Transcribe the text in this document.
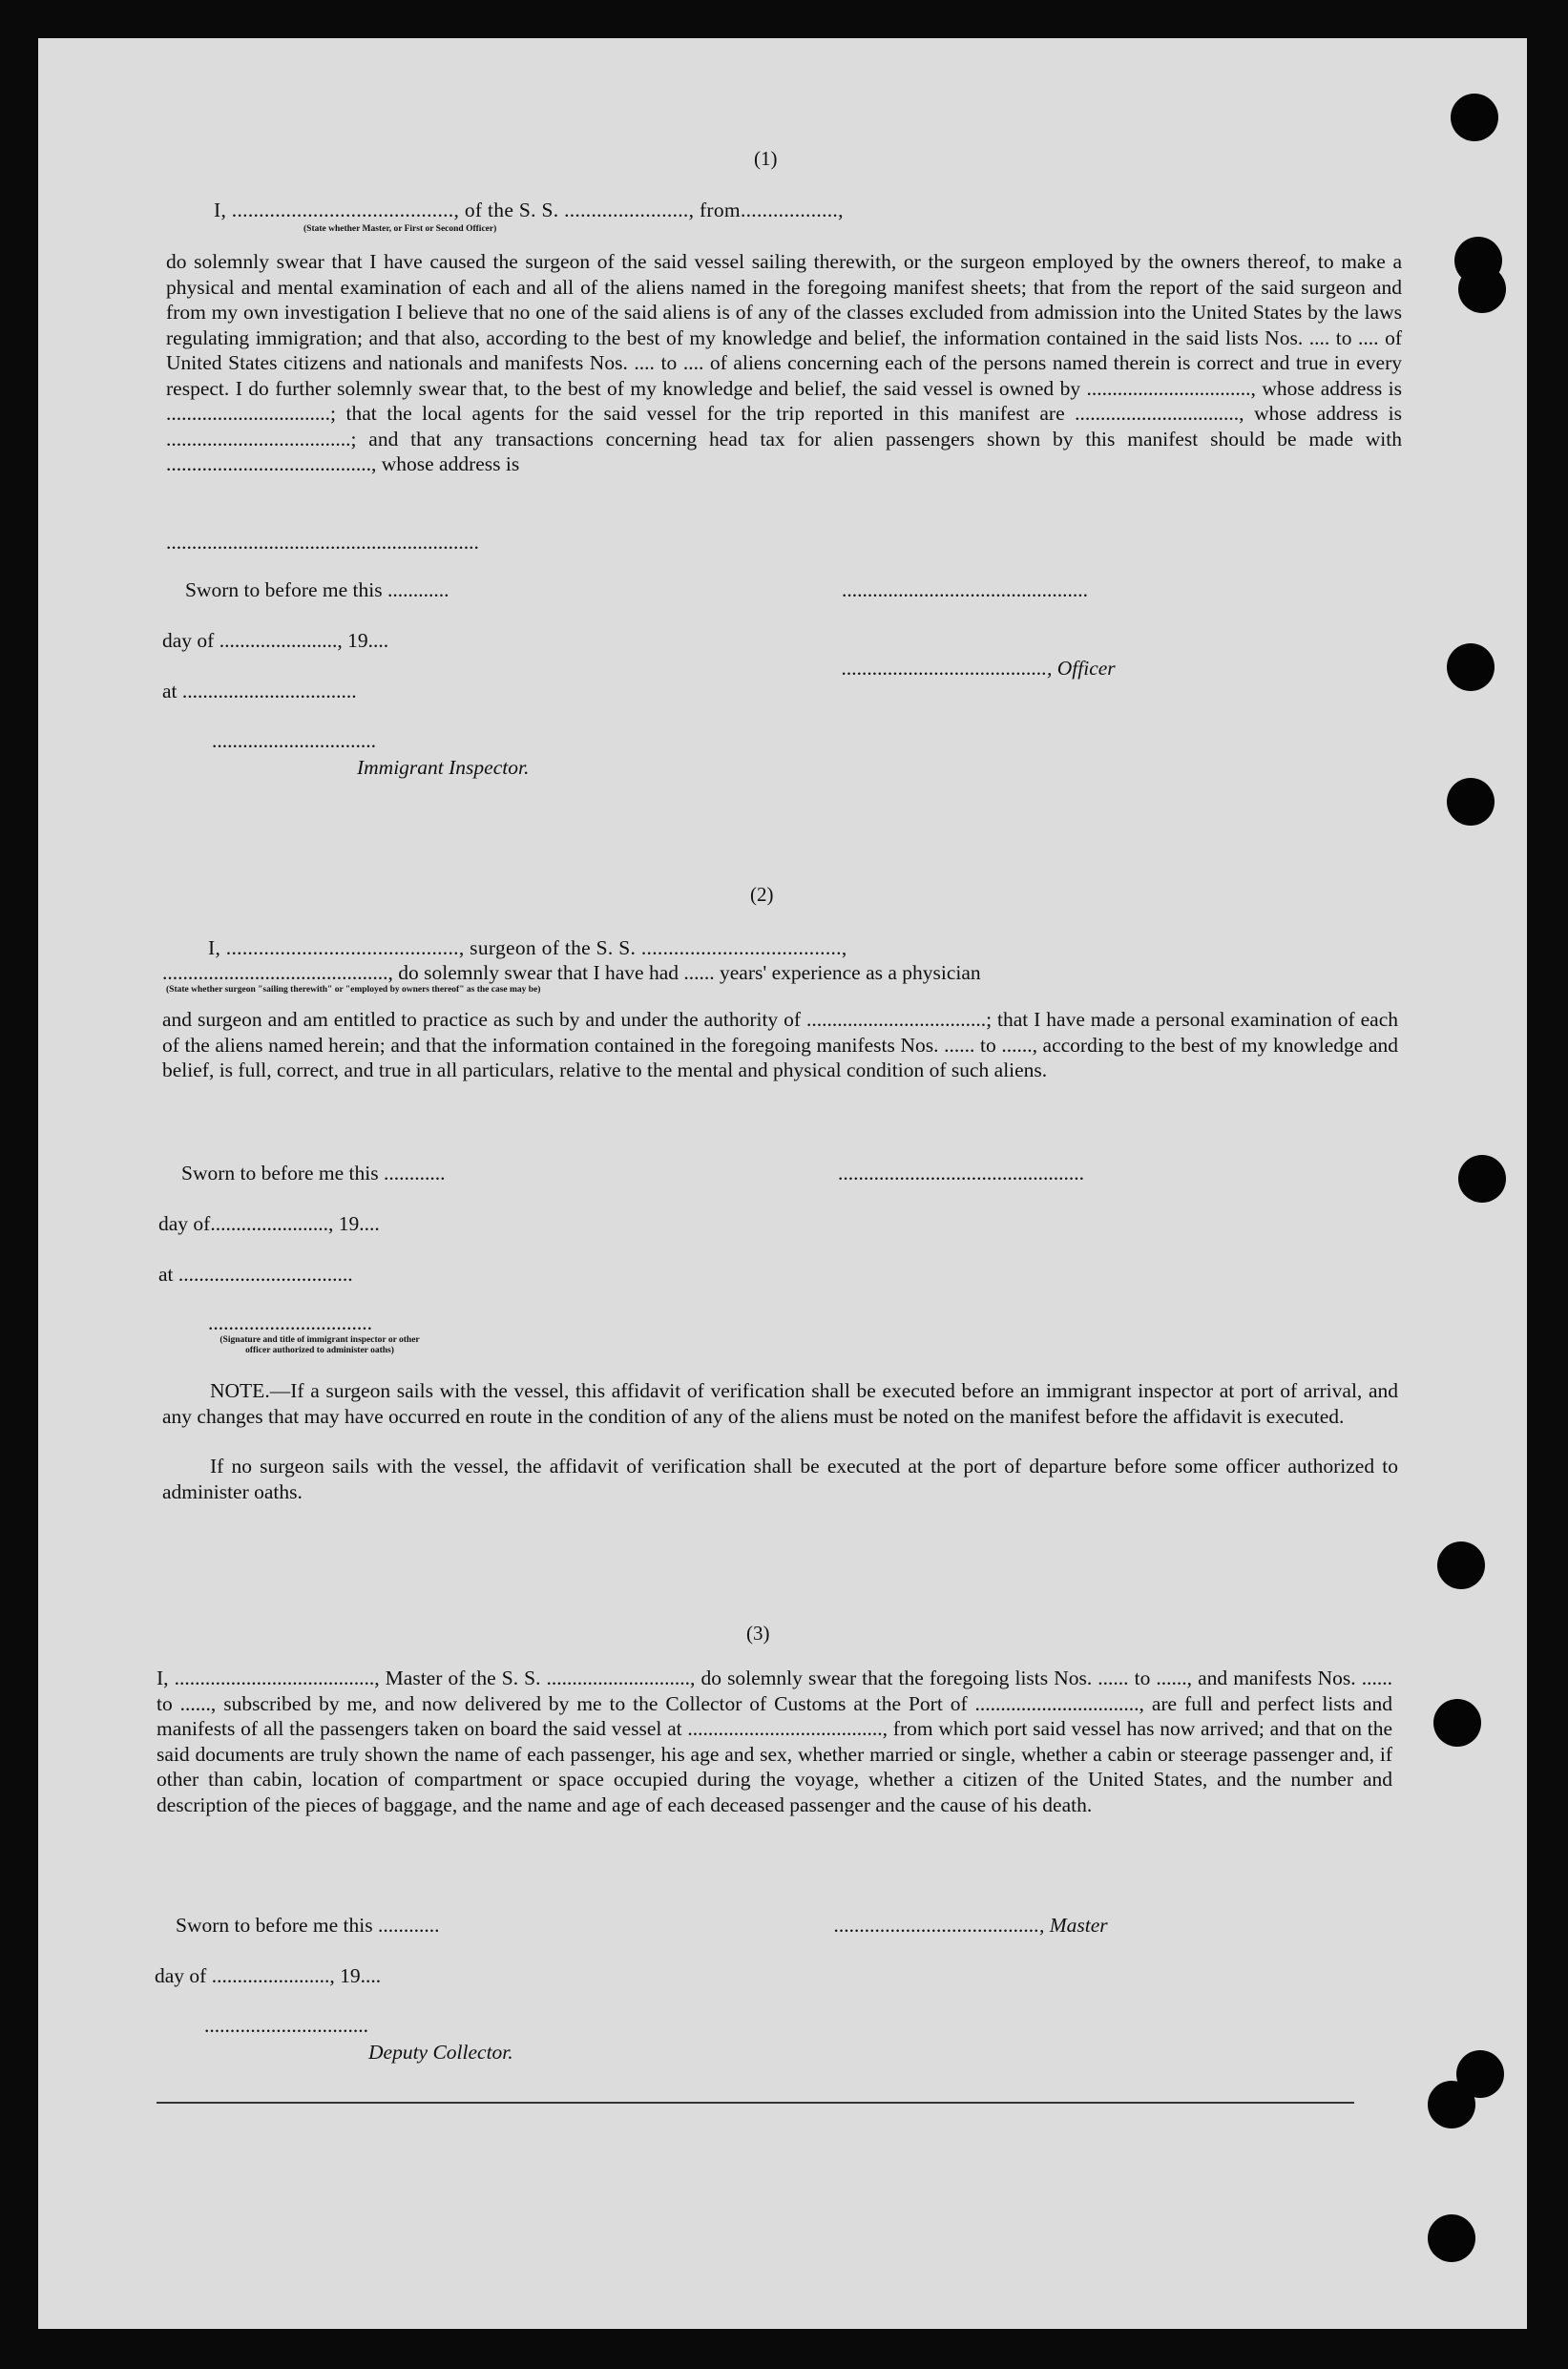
(1)
I, ........................................., of the S. S. ......................., from..................,
(State whether Master, or First or Second Officer)
do solemnly swear that I have caused the surgeon of the said vessel sailing therewith, or the surgeon employed by the owners thereof, to make a physical and mental examination of each and all of the aliens named in the foregoing manifest sheets; that from the report of the said surgeon and from my own investigation I believe that no one of the said aliens is of any of the classes excluded from admission into the United States by the laws regulating immigration; and that also, according to the best of my knowledge and belief, the information contained in the said lists Nos. .... to .... of United States citizens and nationals and manifests Nos. .... to .... of aliens concerning each of the persons named therein is correct and true in every respect. I do further solemnly swear that, to the best of my knowledge and belief, the said vessel is owned by ................................, whose address is ................................; that the local agents for the said vessel for the trip reported in this manifest are ................................, whose address is ....................................; and that any transactions concerning head tax for alien passengers shown by this manifest should be made with ........................................, whose address is
.............................................................
Sworn to before me this ............	................................................
day of ......................., 19....
........................................, Officer
at ..................................
................................
Immigrant Inspector.
(2)
I, ..........................................., surgeon of the S. S. .....................................,
............................................, do solemnly swear that I have had ...... years' experience as a physician
(State whether surgeon "sailing therewith" or "employed by owners thereof" as the case may be)
and surgeon and am entitled to practice as such by and under the authority of ...................................; that I have made a personal examination of each of the aliens named herein; and that the information contained in the foregoing manifests Nos. ...... to ......, according to the best of my knowledge and belief, is full, correct, and true in all particulars, relative to the mental and physical condition of such aliens.
Sworn to before me this ............	................................................
day of......................., 19....
at ..................................
................................
(Signature and title of immigrant inspector or other officer authorized to administer oaths)
NOTE.—If a surgeon sails with the vessel, this affidavit of verification shall be executed before an immigrant inspector at port of arrival, and any changes that may have occurred en route in the condition of any of the aliens must be noted on the manifest before the affidavit is executed.
If no surgeon sails with the vessel, the affidavit of verification shall be executed at the port of departure before some officer authorized to administer oaths.
(3)
I, ......................................., Master of the S. S. ............................, do solemnly swear that the foregoing lists Nos. ...... to ......, and manifests Nos. ...... to ......, subscribed by me, and now delivered by me to the Collector of Customs at the Port of ................................, are full and perfect lists and manifests of all the passengers taken on board the said vessel at ......................................, from which port said vessel has now arrived; and that on the said documents are truly shown the name of each passenger, his age and sex, whether married or single, whether a cabin or steerage passenger and, if other than cabin, location of compartment or space occupied during the voyage, whether a citizen of the United States, and the number and description of the pieces of baggage, and the name and age of each deceased passenger and the cause of his death.
Sworn to before me this ............	........................................, Master
day of ......................., 19....
................................
Deputy Collector.
